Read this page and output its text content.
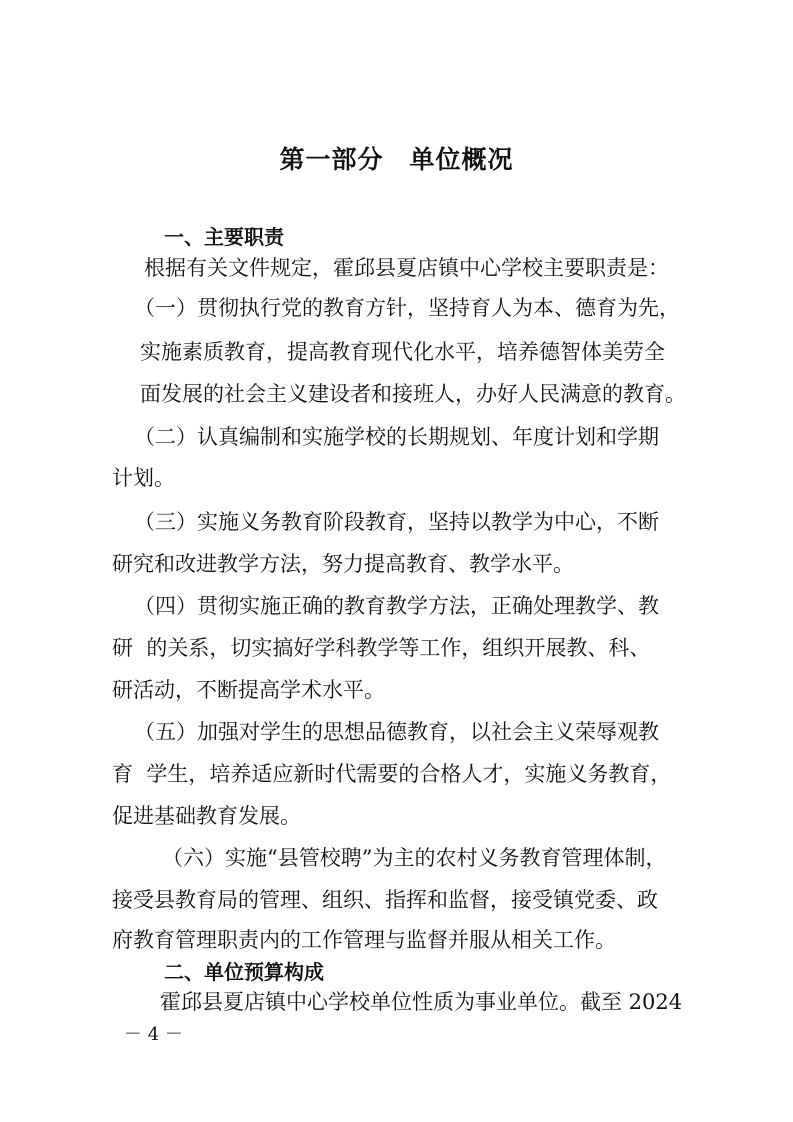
第一部分　单位概况
一、主要职责
根据有关文件规定，霍邱县夏店镇中心学校主要职责是：
（一）贯彻执行党的教育方针，坚持育人为本、德育为先，
实施素质教育，提高教育现代化水平，培养德智体美劳全
面发展的社会主义建设者和接班人，办好人民满意的教育。
（二）认真编制和实施学校的长期规划、年度计划和学期
计划。
（三）实施义务教育阶段教育，坚持以教学为中心，不断
研究和改进教学方法，努力提高教育、教学水平。
（四）贯彻实施正确的教育教学方法，正确处理教学、教
研  的关系，切实搞好学科教学等工作，组织开展教、科、
研活动，不断提高学术水平。
（五）加强对学生的思想品德教育，以社会主义荣辱观教
育  学生，培养适应新时代需要的合格人才，实施义务教育，
促进基础教育发展。
（六）实施“县管校聘”为主的农村义务教育管理体制，
接受县教育局的管理、组织、指挥和监督，接受镇党委、政
府教育管理职责内的工作管理与监督并服从相关工作。
二、单位预算构成
霍邱县夏店镇中心学校单位性质为事业单位。截至 2024
－ 4 －
